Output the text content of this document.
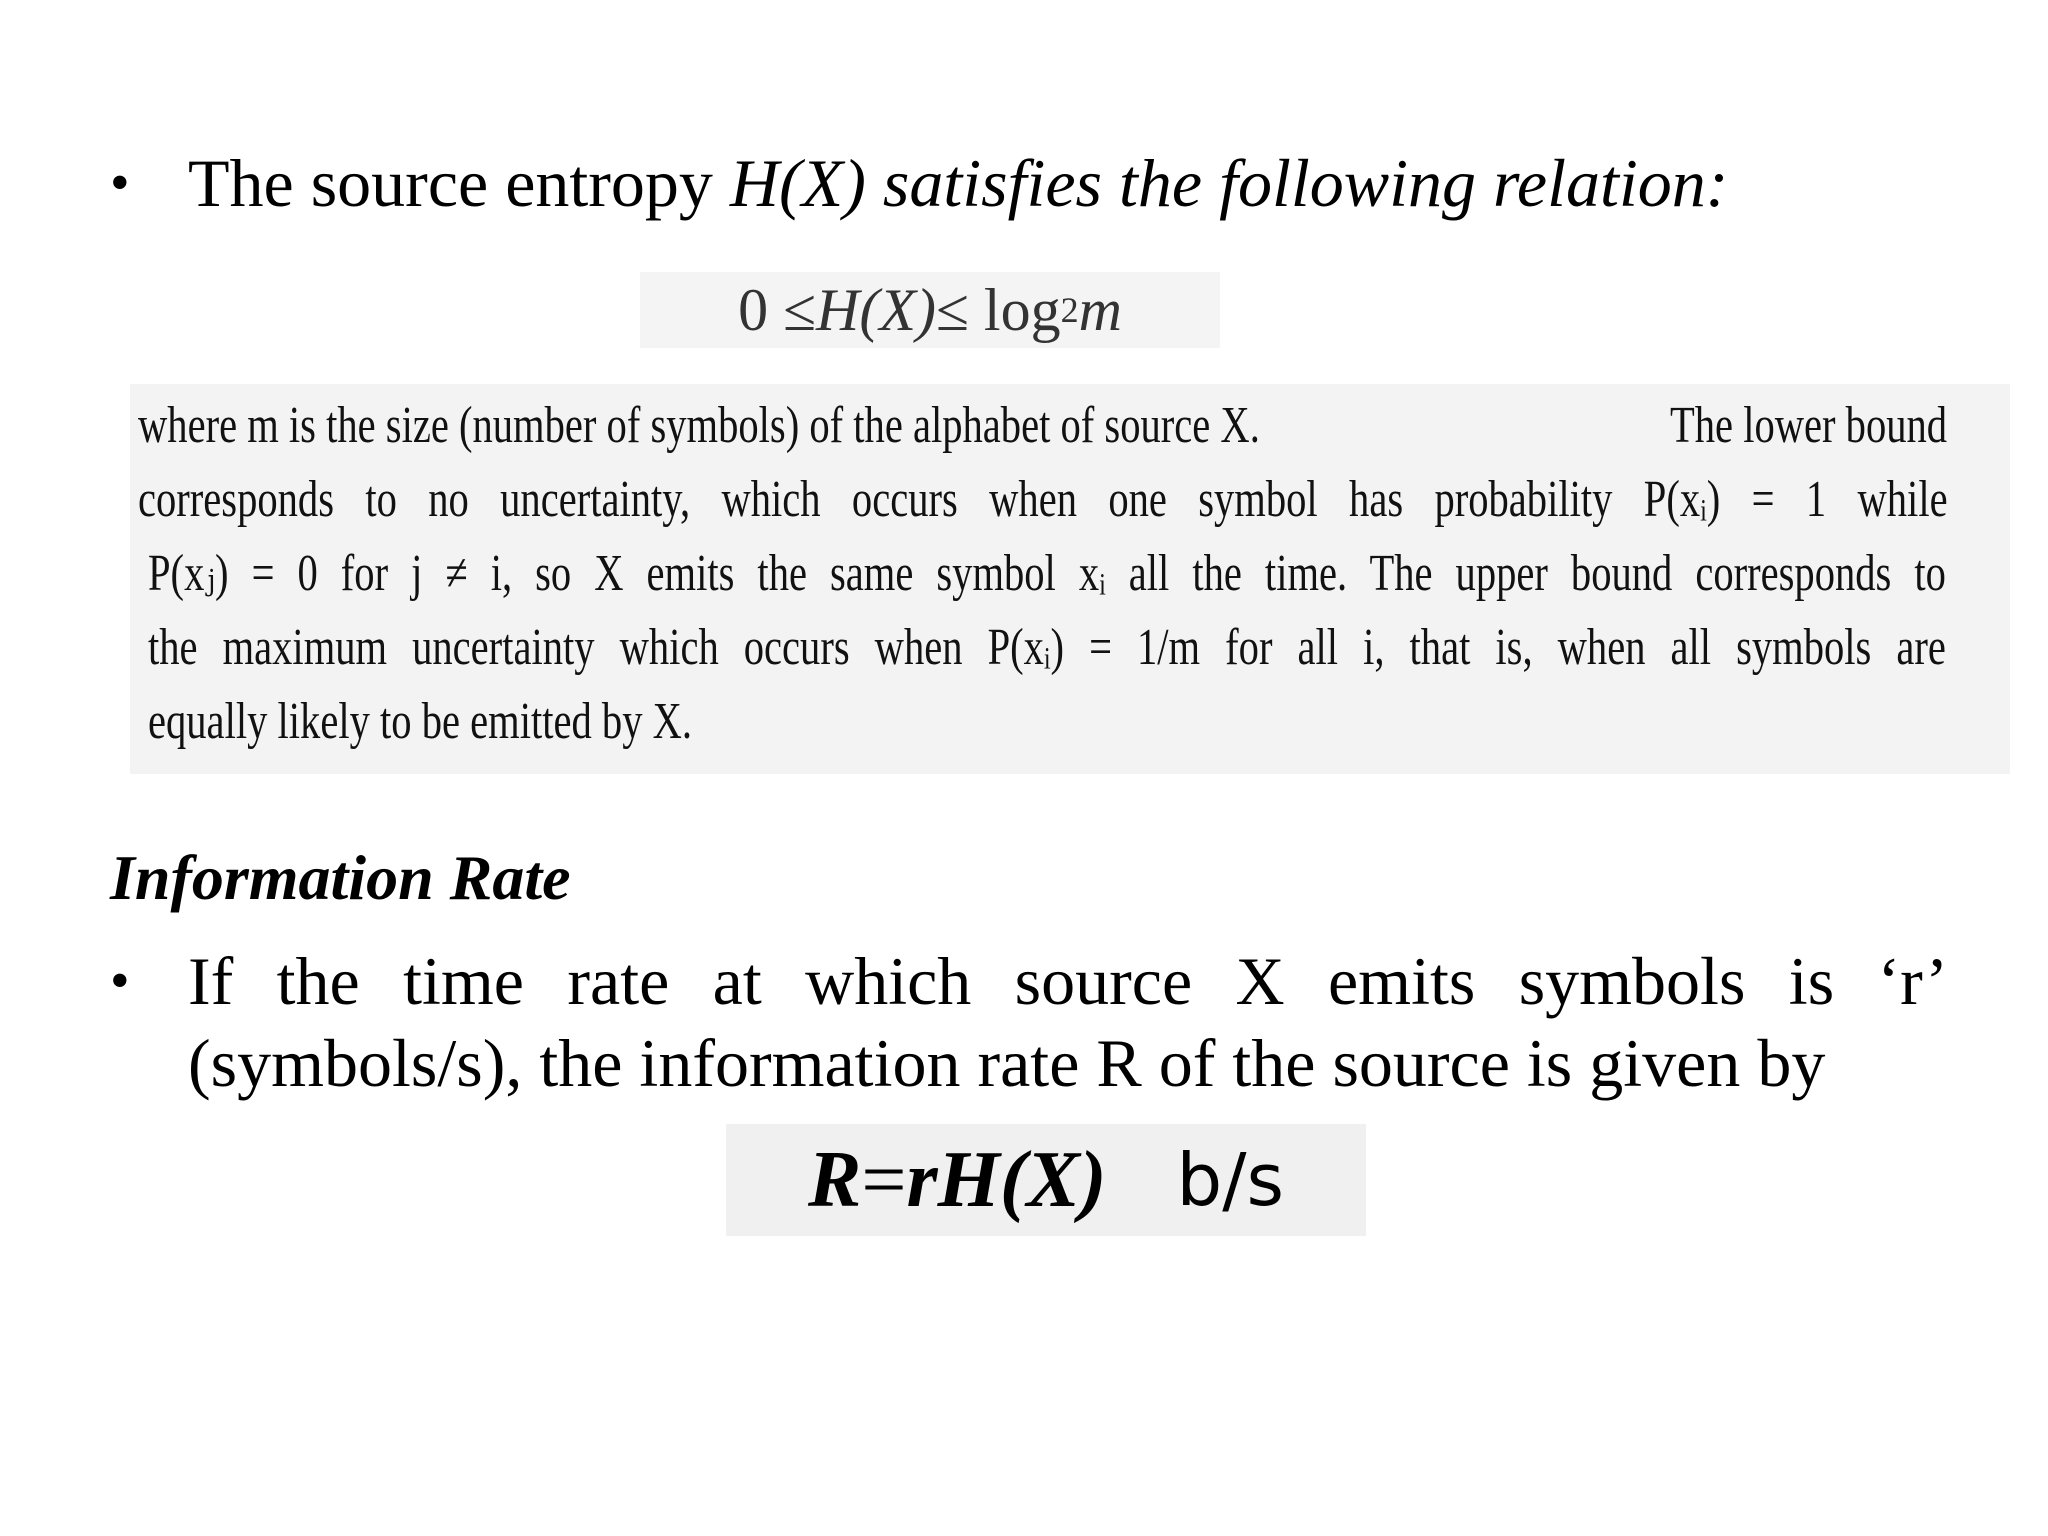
• The source entropy H(X) satisfies the following relation:
0 ≤ H(X) ≤ log 2 m
where m is the size (number of symbols) of the alphabet of source X.	The lower bound
corresponds to no uncertainty, which occurs when one symbol has probability P(xᵢ) = 1 while
P(xⱼ) = 0 for j ≠ i, so X emits the same symbol xᵢ all the time. The upper bound corresponds to
the maximum uncertainty which occurs when P(xᵢ) = 1/m for all i, that is, when all symbols are
equally likely to be emitted by X.
Information Rate
• If the time rate at which source X emits symbols is ‘r’
(symbols/s), the information rate R of the source is given by
R = rH(X) b/s
